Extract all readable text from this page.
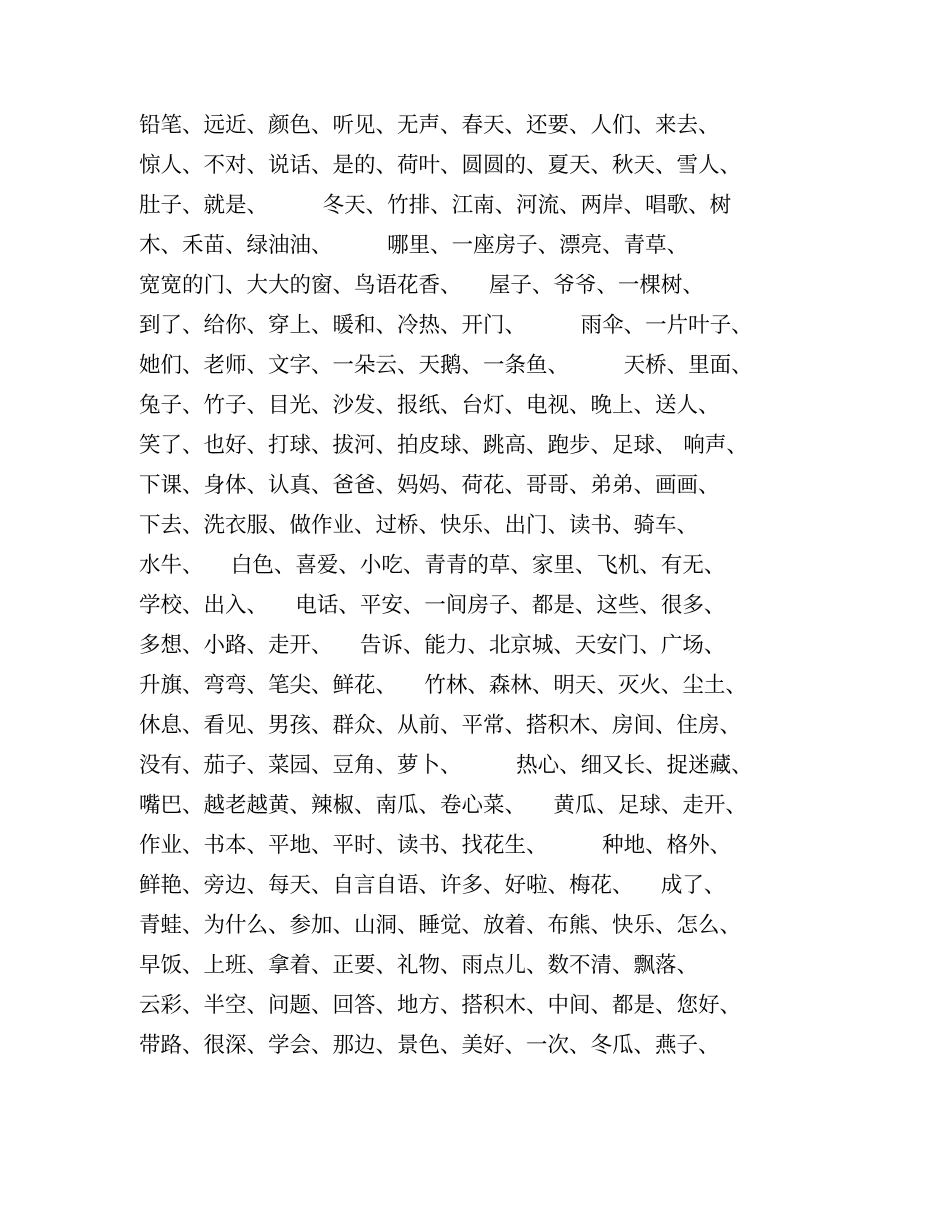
铅笔、远近、颜色、听见、无声、春天、还要、人们、来去、
惊人、不对、说话、是的、荷叶、圆圆的、夏天、秋天、雪人、
肚子、就是、        冬天、竹排、江南、河流、两岸、唱歌、树
木、禾苗、绿油油、        哪里、一座房子、漂亮、青草、
宽宽的门、大大的窗、鸟语花香、    屋子、爷爷、一棵树、
到了、给你、穿上、暖和、冷热、开门、        雨伞、一片叶子、
她们、老师、文字、一朵云、天鹅、一条鱼、        天桥、里面、
兔子、竹子、目光、沙发、报纸、台灯、电视、晚上、送人、
笑了、也好、打球、拔河、拍皮球、跳高、跑步、足球、 响声、
下课、身体、认真、爸爸、妈妈、荷花、哥哥、弟弟、画画、
下去、洗衣服、做作业、过桥、快乐、出门、读书、骑车、
水牛、    白色、喜爱、小吃、青青的草、家里、飞机、有无、
学校、出入、    电话、平安、一间房子、都是、这些、很多、
多想、小路、走开、    告诉、能力、北京城、天安门、广场、
升旗、弯弯、笔尖、鲜花、    竹林、森林、明天、灭火、尘土、
休息、看见、男孩、群众、从前、平常、搭积木、房间、住房、
没有、茄子、菜园、豆角、萝卜、        热心、细又长、捉迷藏、
嘴巴、越老越黄、辣椒、南瓜、卷心菜、    黄瓜、足球、走开、
作业、书本、平地、平时、读书、找花生、        种地、格外、
鲜艳、旁边、每天、自言自语、许多、好啦、梅花、    成了、
青蛙、为什么、参加、山洞、睡觉、放着、布熊、快乐、怎么、
早饭、上班、拿着、正要、礼物、雨点儿、数不清、飘落、
云彩、半空、问题、回答、地方、搭积木、中间、都是、您好、
带路、很深、学会、那边、景色、美好、一次、冬瓜、燕子、
